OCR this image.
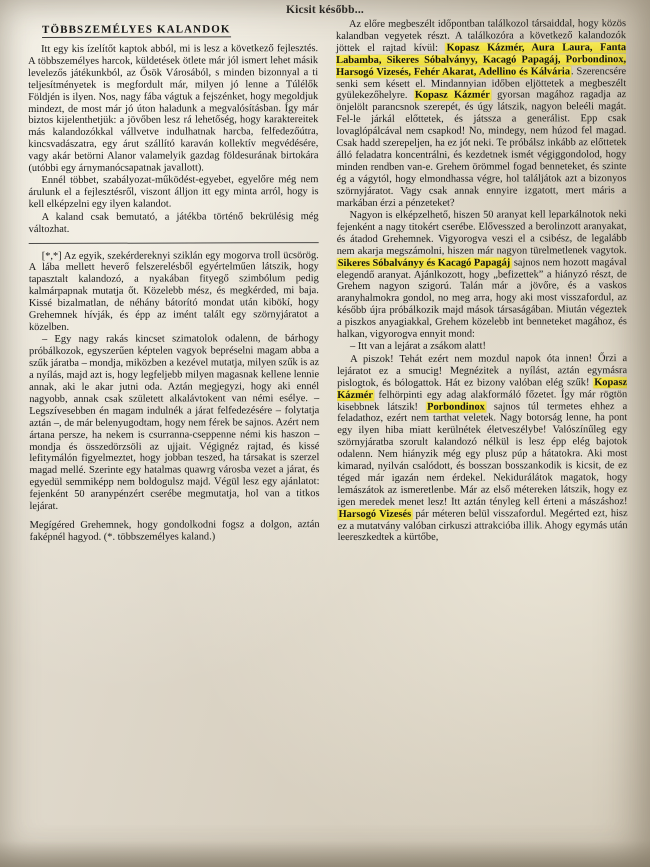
Kicsit később...
TÖBBSZEMÉLYES KALANDOK

Itt egy kis ízelítőt kaptok abból, mi is lesz a következő fejlesztés. A többszemélyes harcok, küldetések ötlete már jól ismert lehet másik levelezős játékunkból, az Ősök Városából, s minden bizonnyal a ti teljesítményetek is megfordult már, milyen jó lenne a Túlélők Földjén is ilyen. Nos, nagy fába vágtuk a fejszénket, hogy megoldjuk mindezt, de most már jó úton haladunk a megvalósításban. Így már biztos kijelenthetjük: a jövőben lesz rá lehetőség, hogy karaktereitek más kalandozókkal vállvetve indulhatnak harcba, felfedezőútra, kincsvadászatra, egy árut szállító karaván kollektív megvédésére, vagy akár betörni Alanor valamelyik gazdag földesurának birtokára (utóbbi egy árnymanócsapatnak javallott).

Ennél többet, szabályozat-működést-egyebet, egyelőre még nem árulunk el a fejlesztésről, viszont álljon itt egy minta arról, hogy is kell elképzelni egy ilyen kalandot.

A kaland csak bemutató, a játékba történő bekrülésig még változhat.

[*,*] Az egyik, szekérdereknyi sziklán egy mogorva troll ücsörög. A lába mellett heverő felszerelésből egyértelműen látszik, hogy tapasztalt kalandozó, a nyakában fityegő szimbólum pedig kalmárpapnak mutatja őt. Közelebb mész, és megkérded, mi baja. Kissé bizalmatlan, de néhány bátorító mondat után kibökí, hogy Grehemnek hívják, és épp az imént talált egy szörnyjáratot a közelben.

– Egy nagy rakás kincset szimatolok odalenn, de bárhogy próbálkozok, egyszerűen képtelen vagyok bepréselni magam abba a szűk járatba – mondja, miközben a kezével mutatja, milyen szűk is az a nyílás, majd azt is, hogy legfeljebb milyen magasnak kellene lennie annak, aki le akar jutni oda. Aztán megjegyzi, hogy aki ennél nagyobb, annak csak született alkalávtokent van némi esélye. – Legszívesebben én magam indulnék a járat felfedezésére – folytatja aztán –, de már belenyugodtam, hogy nem férek be sajnos. Azért nem ártana persze, ha nekem is csurranna-cseppenne némi kis haszon – mondja és összedörzsöli az ujjait. Végignéz rajtad, és kissé lefitymálón figyelmeztet, hogy jobban teszed, ha társakat is szerzel magad mellé. Szerinte egy hatalmas quawrg városba vezet a járat, és egyedül semmiképp nem boldogulsz majd. Végül lesz egy ajánlatot: fejenként 50 aranypénzért cserébe megmutatja, hol van a titkos lejárat.

Megígéred Grehemnek, hogy gondolkodni fogsz a dolgon, aztán faképnél hagyod. (*. többszemélyes kaland.)

Az előre megbeszélt időpontban találkozol társaiddal, hogy közös kalandban vegyetek részt. A találkozóra a következő kalandozók jöttek el rajtad kívül: Kopasz Kázmér, Aura Laura, Fanta Labamba, Sikeres Sóbalványy, Kacagó Papagáj, Porbondinox, Harsogó Vizesés, Fehér Akarat, Adellino és Kálváriа. Szerencsére senki sem késett el. Mindannyian időben eljöttetek a megbeszélt gyülekezőhelyre. Kopasz Kázmér gyorsan magához ragadja az önjelölt parancsnok szerepét, és úgy látszik, nagyon beleéli magát. Fel-le járkál előttetek, és játssza a generálist. Epp csak lovaglópálcával nem csapkod! No, mindegy, nem húzod fel magad. Csak hadd szerepeljen, ha ez jót neki. Te próbálsz inkább az előttetek álló feladatra koncentrálni, és kezdetnek ismét végiggondolod, hogy minden rendben van-e. Grehem örömmel fogad benneteket, és szinte ég a vágytól, hogy elmondhassa végre, hol találjátok azt a bizonyos szörnyjáratot. Vagy csak annak ennyire izgatott, mert máris a markában érzi a pénzeteket?

Nagyon is elképzelhető, hiszen 50 aranyat kell leparkálnotok neki fejenként a nagy titokért cserébe. Elővesszed a berolinzott aranyakat, és átadod Grehemnek. Vigyorogva veszi el a csibész, de legalább nem akarja megszámolni, hiszen már nagyon türelmetlenek vagytok. Sikeres Sóbalványy és Kacagó Papagáj sajnos nem hozott magával elegendő aranyat. Ajánlkozott, hogy „befizettek” a hiányzó részt, de Grehem nagyon szigorú. Talán már a jövőre, és a vaskos aranyhalmokra gondol, no meg arra, hogy aki most visszafordul, az később újra próbálkozik majd mások társaságában. Miután végeztek a piszkos anyagiakkal, Grehem közelebb int benneteket magához, és halkan, vigyorogva ennyit mond:

– Itt van a lejárat a zsákom alatt!

A piszok! Tehát ezért nem mozdul napok óta innen! Őrzi a lejáratot ez a smucig! Megnézitek a nyílást, aztán egymásra pislogtok, és bólogattok. Hát ez bizony valóban elég szűk! Kopasz Kázmér felhörpinti egy adag alakformáló főzetet. Így már rögtön kisebbnek látszik! Porbondinox sajnos túl termetes ehhez a feladathoz, ezért nem tarthat veletek. Nagy botorság lenne, ha pont egy ilyen hiba miatt kerülnétek életveszélybe! Valószínűleg egy szörnyjáratba szorult kalandozó nélkül is lesz épp elég bajotok odalenn. Nem hiányzik még egy plusz púp a hátatokra. Aki most kimarad, nyilván csalódott, és bosszan bosszankodik is kicsit, de ez téged már igazán nem érdekel. Nekidurálátok magatok, hogy lemászátok az ismeretlenbe. Már az első métereken látszik, hogy ez igen meredek menet lesz! Itt aztán tényleg kell érteni a mászáshoz! Harsogó Vizesés pár méteren belül visszafordul. Megérted ezt, hisz ez a mutatvány valóban cirkuszi attrakcióba illik. Ahogy egymás után leereszkedtek a kürtőbe,
